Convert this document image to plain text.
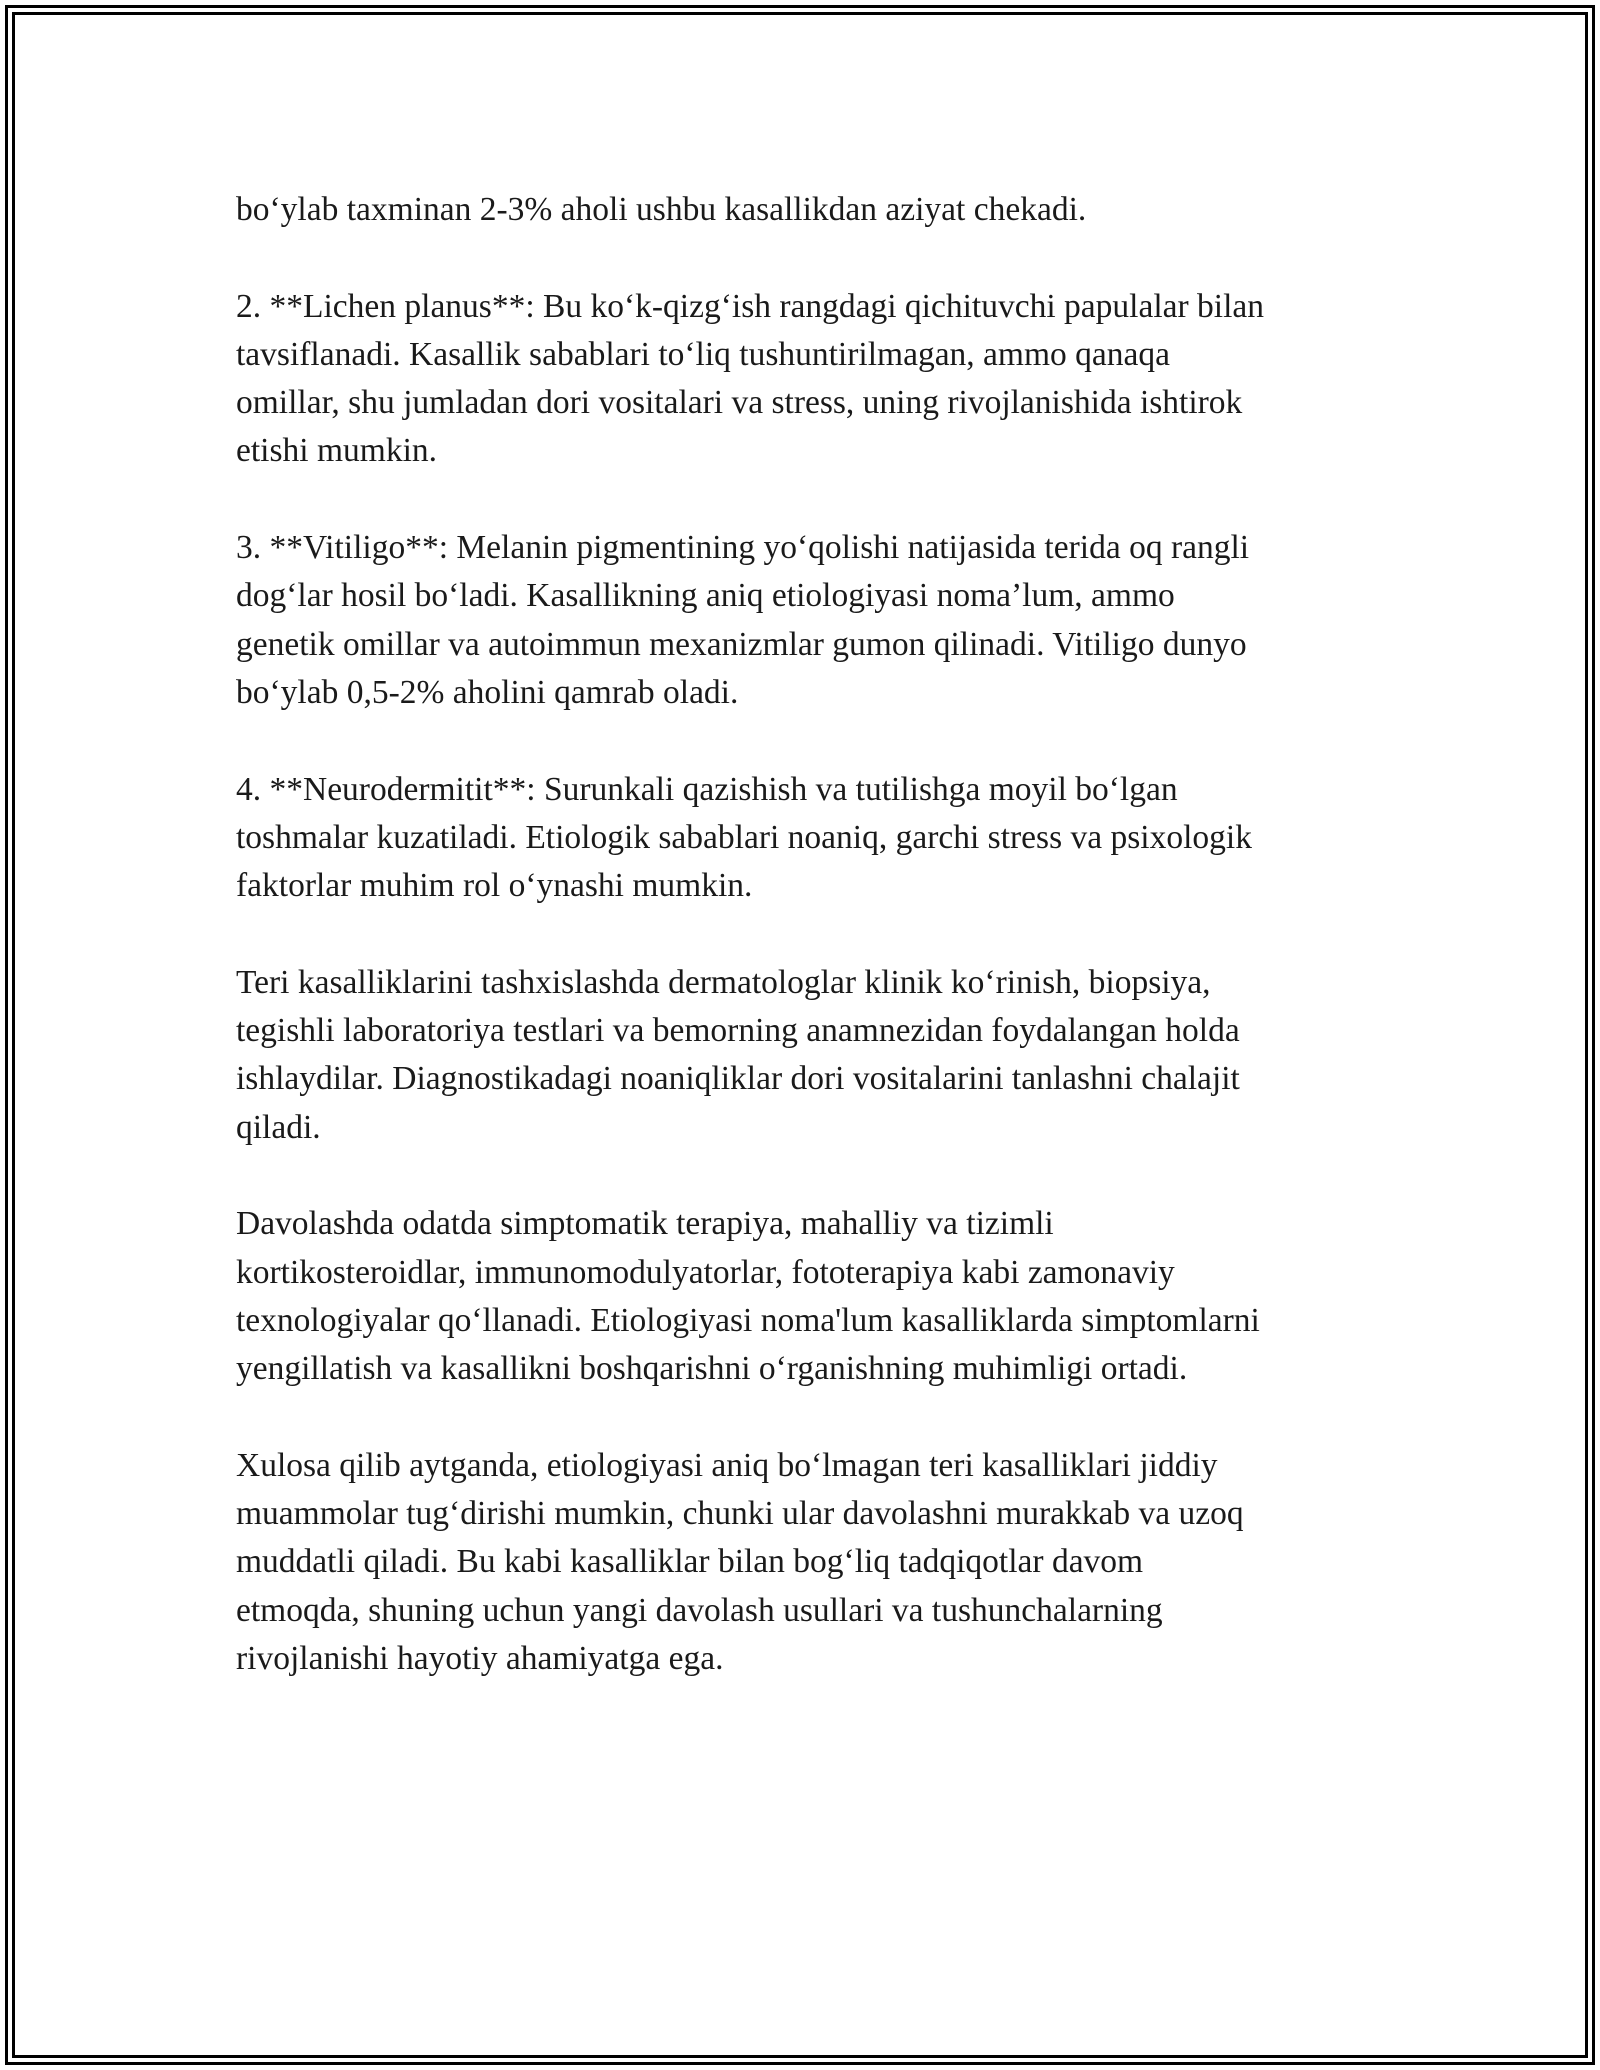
bo‘ylab taxminan 2-3% aholi ushbu kasallikdan aziyat chekadi.

2. **Lichen planus**: Bu ko‘k-qizg‘ish rangdagi qichituvchi papulalar bilan
tavsiflanadi. Kasallik sabablari to‘liq tushuntirilmagan, ammo qanaqa
omillar, shu jumladan dori vositalari va stress, uning rivojlanishida ishtirok
etishi mumkin.

3. **Vitiligo**: Melanin pigmentining yo‘qolishi natijasida terida oq rangli
dog‘lar hosil bo‘ladi. Kasallikning aniq etiologiyasi noma’lum, ammo
genetik omillar va autoimmun mexanizmlar gumon qilinadi. Vitiligo dunyo
bo‘ylab 0,5-2% aholini qamrab oladi.

4. **Neurodermitit**: Surunkali qazishish va tutilishga moyil bo‘lgan
toshmalar kuzatiladi. Etiologik sabablari noaniq, garchi stress va psixologik
faktorlar muhim rol o‘ynashi mumkin.

Teri kasalliklarini tashxislashda dermatologlar klinik ko‘rinish, biopsiya,
tegishli laboratoriya testlari va bemorning anamnezidan foydalangan holda
ishlaydilar. Diagnostikadagi noaniqliklar dori vositalarini tanlashni chalajit
qiladi.

Davolashda odatda simptomatik terapiya, mahalliy va tizimli
kortikosteroidlar, immunomodulyatorlar, fototerapiya kabi zamonaviy
texnologiyalar qo‘llanadi. Etiologiyasi noma'lum kasalliklarda simptomlarni
yengillatish va kasallikni boshqarishni o‘rganishning muhimligi ortadi.

Xulosa qilib aytganda, etiologiyasi aniq bo‘lmagan teri kasalliklari jiddiy
muammolar tug‘dirishi mumkin, chunki ular davolashni murakkab va uzoq
muddatli qiladi. Bu kabi kasalliklar bilan bog‘liq tadqiqotlar davom
etmoqda, shuning uchun yangi davolash usullari va tushunchalarning
rivojlanishi hayotiy ahamiyatga ega.
